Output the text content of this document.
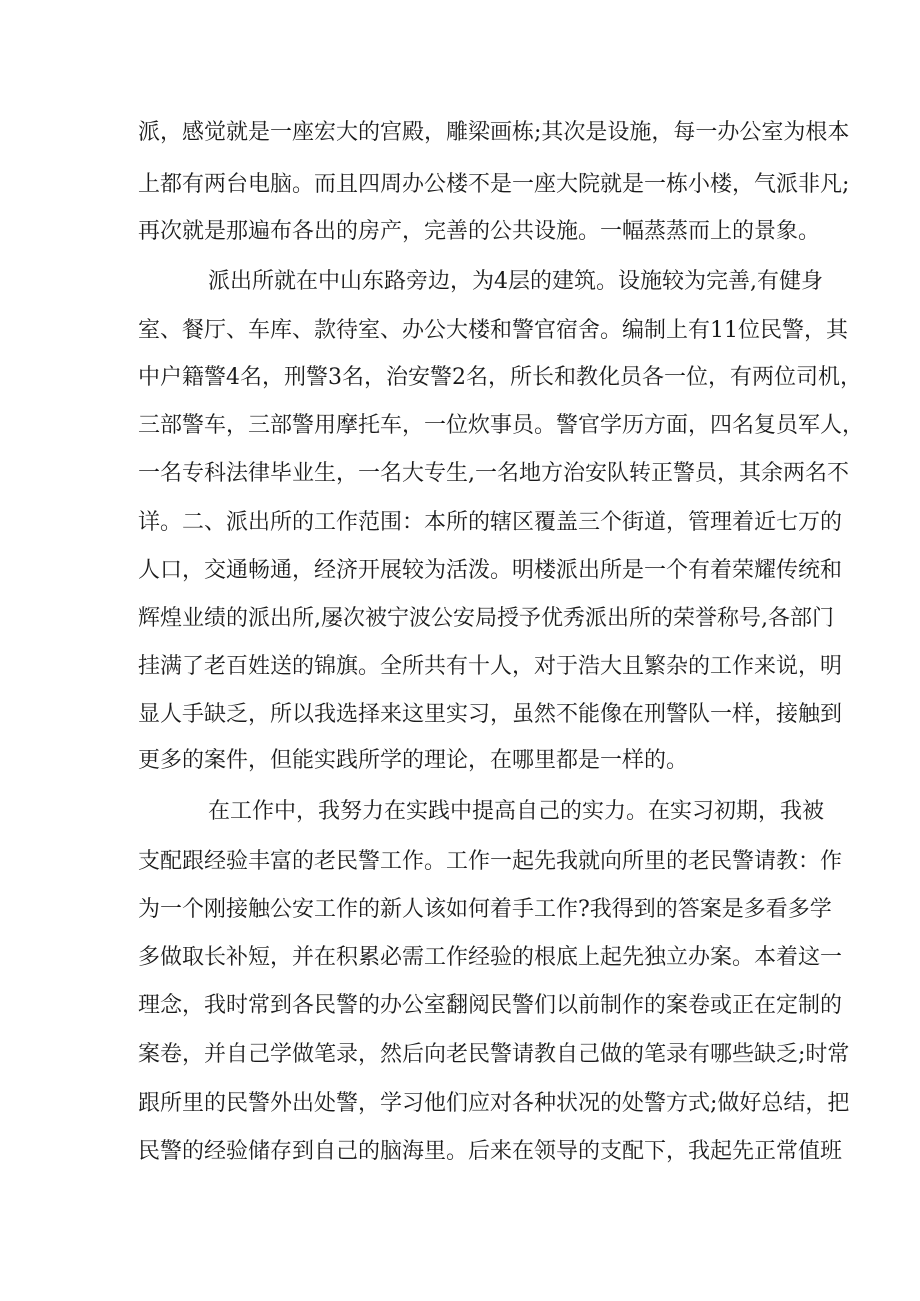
派，感觉就是一座宏大的宫殿，雕梁画栋;其次是设施，每一办公室为根本
上都有两台电脑。而且四周办公楼不是一座大院就是一栋小楼，气派非凡;
再次就是那遍布各出的房产，完善的公共设施。一幅蒸蒸而上的景象。
派出所就在中山东路旁边，为4层的建筑。设施较为完善,有健身
室、餐厅、车库、款待室、办公大楼和警官宿舍。编制上有11位民警，其
中户籍警4名，刑警3名，治安警2名，所长和教化员各一位，有两位司机，
三部警车，三部警用摩托车，一位炊事员。警官学历方面，四名复员军人，
一名专科法律毕业生，一名大专生,一名地方治安队转正警员，其余两名不
详。二、派出所的工作范围：本所的辖区覆盖三个街道，管理着近七万的
人口，交通畅通，经济开展较为活泼。明楼派出所是一个有着荣耀传统和
辉煌业绩的派出所,屡次被宁波公安局授予优秀派出所的荣誉称号,各部门
挂满了老百姓送的锦旗。全所共有十人，对于浩大且繁杂的工作来说，明
显人手缺乏，所以我选择来这里实习，虽然不能像在刑警队一样，接触到
更多的案件，但能实践所学的理论，在哪里都是一样的。
在工作中，我努力在实践中提高自己的实力。在实习初期，我被
支配跟经验丰富的老民警工作。工作一起先我就向所里的老民警请教：作
为一个刚接触公安工作的新人该如何着手工作?我得到的答案是多看多学
多做取长补短，并在积累必需工作经验的根底上起先独立办案。本着这一
理念，我时常到各民警的办公室翻阅民警们以前制作的案卷或正在定制的
案卷，并自己学做笔录，然后向老民警请教自己做的笔录有哪些缺乏;时常
跟所里的民警外出处警，学习他们应对各种状况的处警方式;做好总结，把
民警的经验储存到自己的脑海里。后来在领导的支配下，我起先正常值班
